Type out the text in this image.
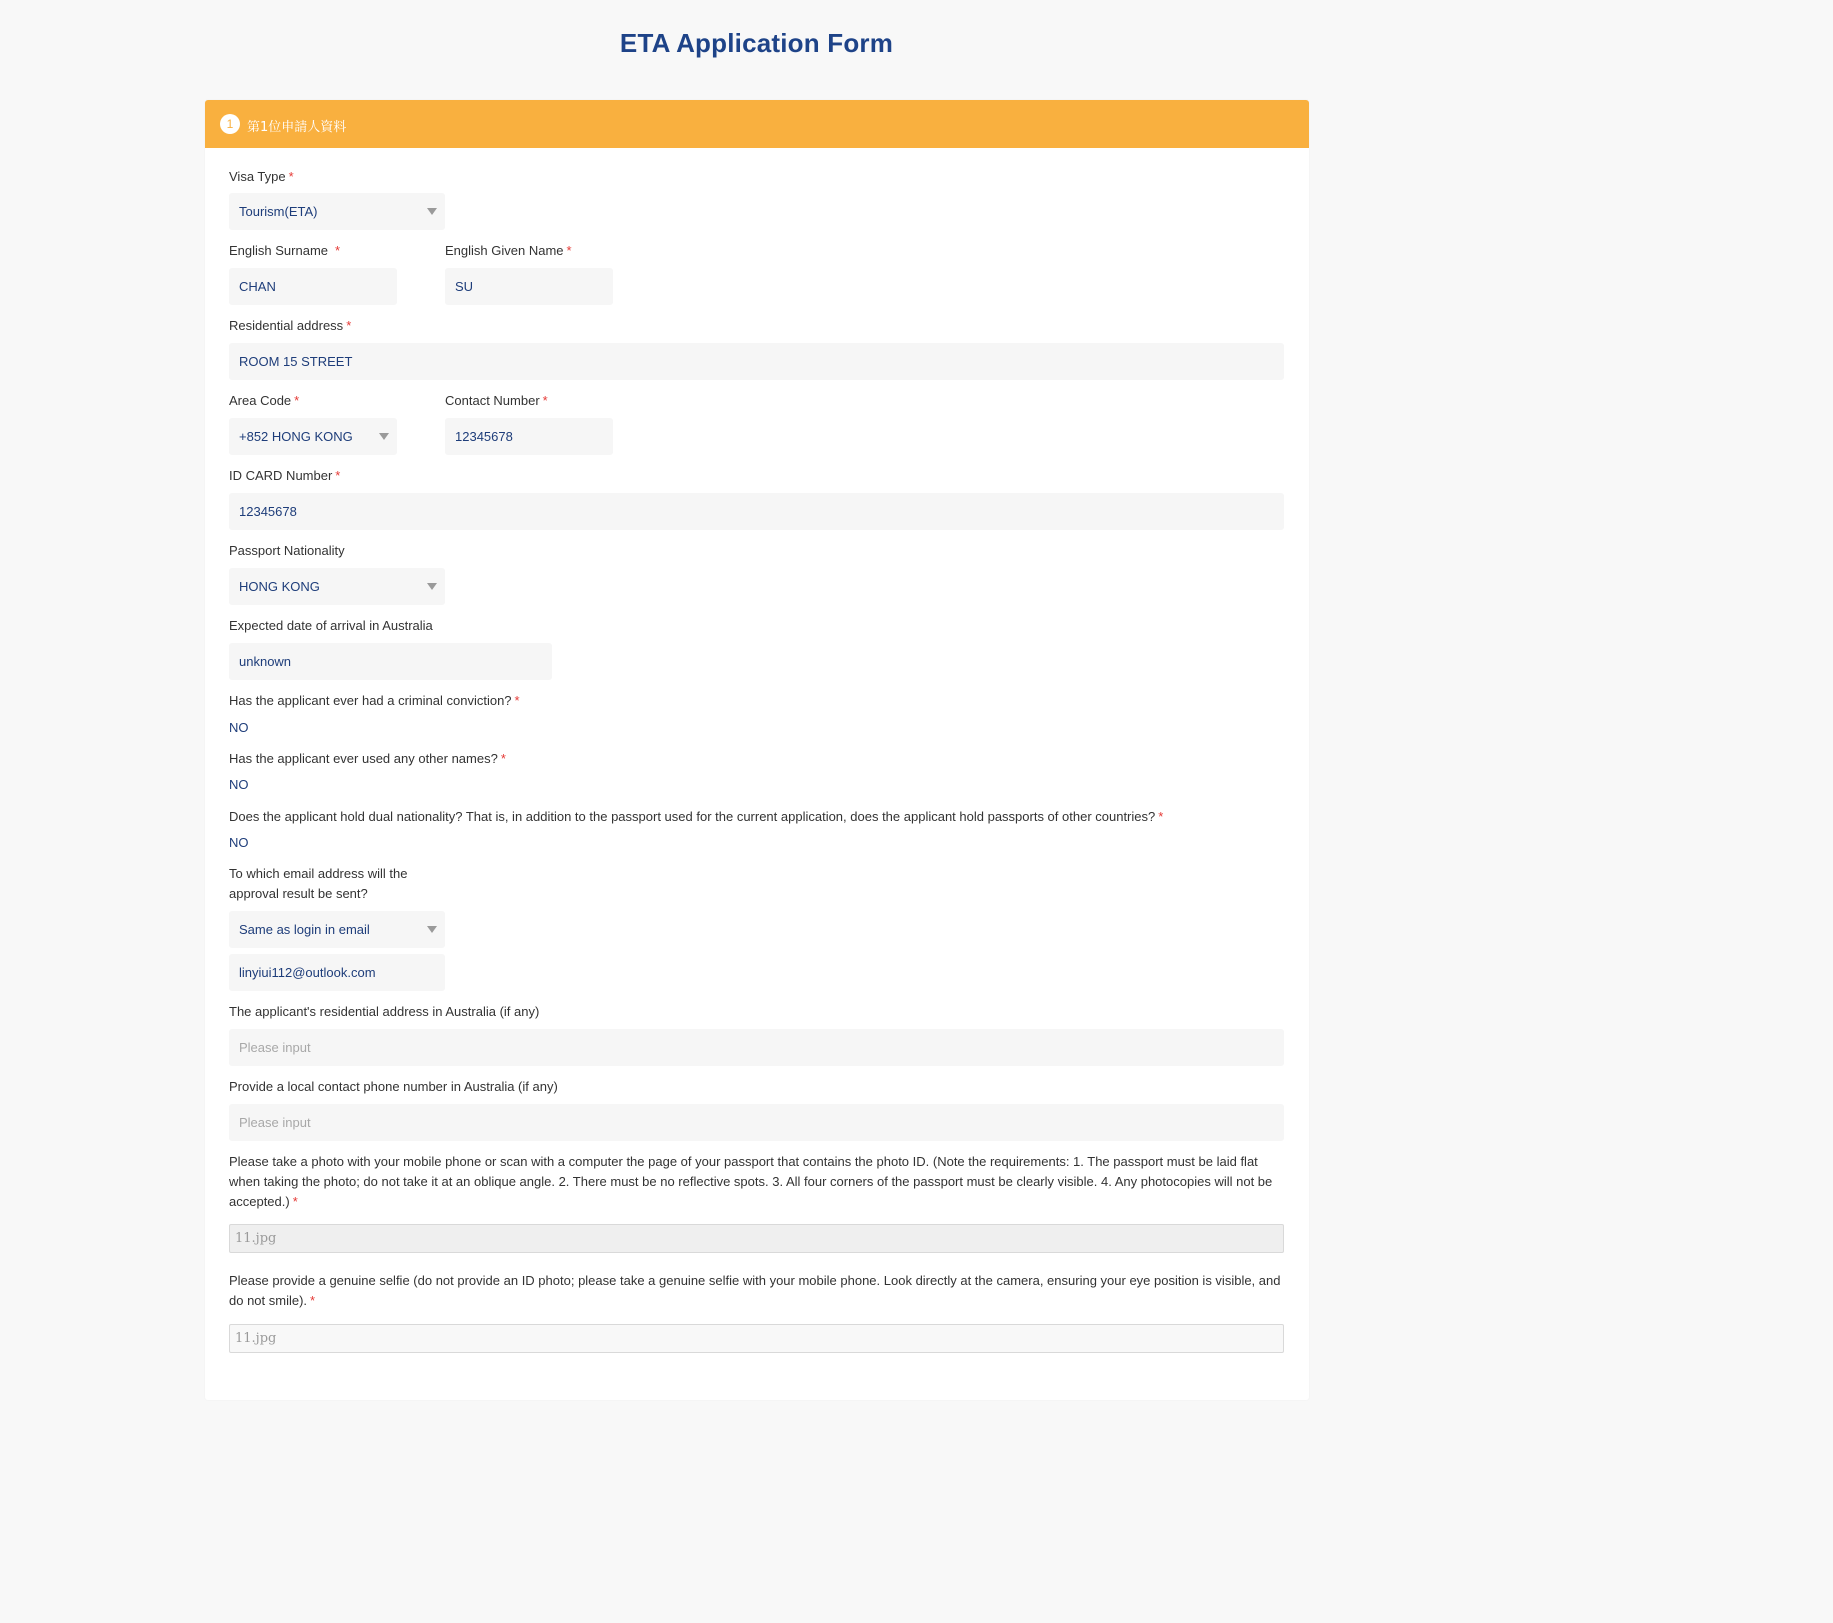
ETA Application Form
1	第1位申請人資料
Visa Type *
Tourism(ETA)
English Surname *
CHAN
English Given Name *
SU
Residential address *
ROOM 15 STREET
Area Code *
+852 HONG KONG
Contact Number *
12345678
ID CARD Number *
12345678
Passport Nationality
HONG KONG
Expected date of arrival in Australia
unknown
Has the applicant ever had a criminal conviction? *
NO
Has the applicant ever used any other names? *
NO
Does the applicant hold dual nationality? That is, in addition to the passport used for the current application, does the applicant hold passports of other countries? *
NO
To which email address will the
approval result be sent?
Same as login in email
linyiui112@outlook.com
The applicant's residential address in Australia (if any)
Please input
Provide a local contact phone number in Australia (if any)
Please input
Please take a photo with your mobile phone or scan with a computer the page of your passport that contains the photo ID. (Note the requirements: 1. The passport must be laid flat when taking the photo; do not take it at an oblique angle. 2. There must be no reflective spots. 3. All four corners of the passport must be clearly visible. 4. Any photocopies will not be accepted.) *
11.jpg
Please provide a genuine selfie (do not provide an ID photo; please take a genuine selfie with your mobile phone. Look directly at the camera, ensuring your eye position is visible, and do not smile). *
11.jpg
